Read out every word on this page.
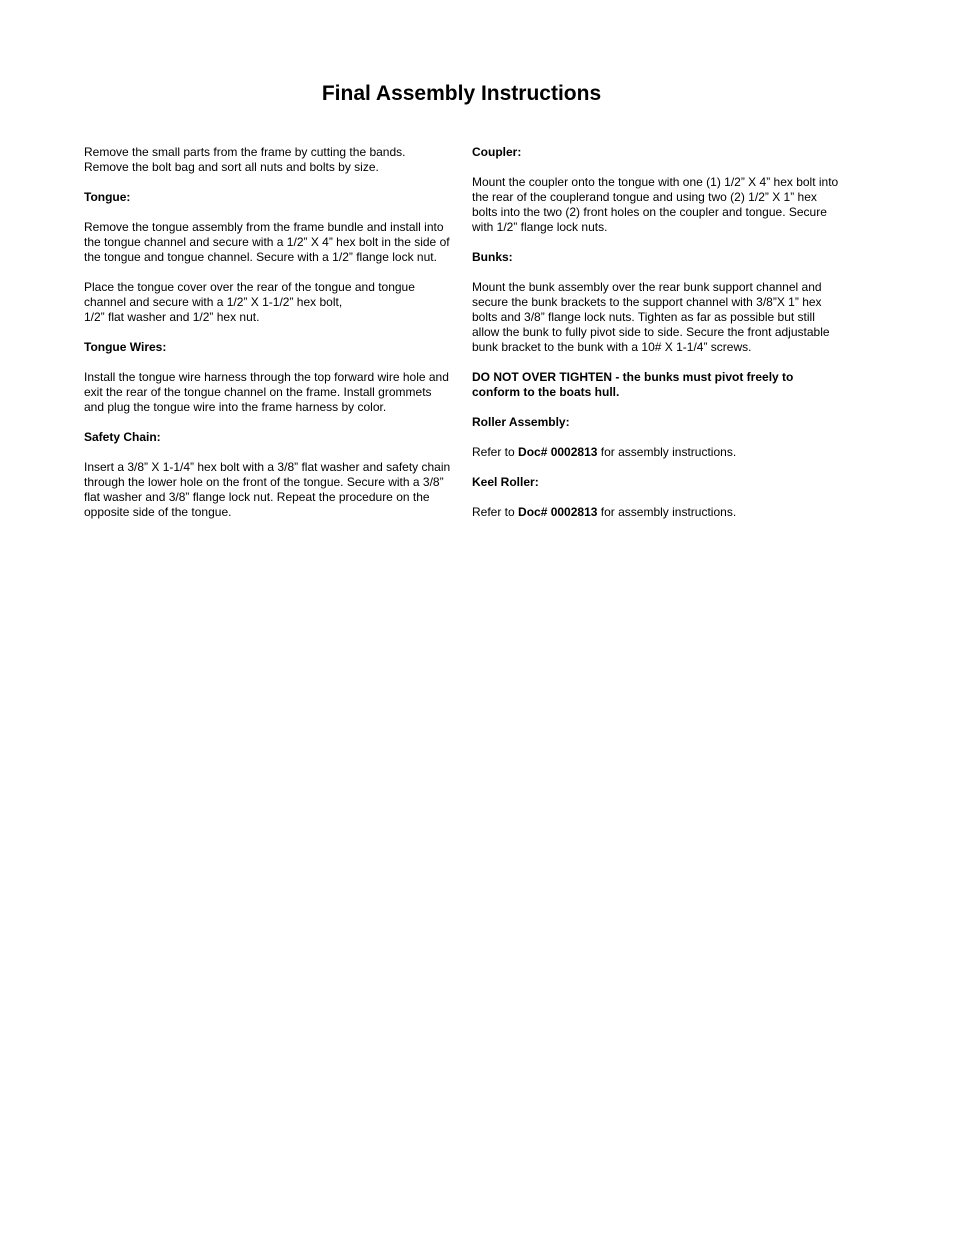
Final Assembly Instructions

Remove the small parts from the frame by cutting the bands.
Remove the bolt bag and sort all nuts and bolts by size.

Tongue:

Remove the tongue assembly from the frame bundle and install into the tongue channel and secure with a 1/2” X 4” hex bolt in the side of the tongue and tongue channel. Secure with a 1/2” flange lock nut.

Place the tongue cover over the rear of the tongue and tongue channel and secure with a 1/2” X 1-1/2” hex bolt,
1/2” flat washer and 1/2” hex nut.

Tongue Wires:

Install the tongue wire harness through the top forward wire hole and exit the rear of the tongue channel on the frame. Install grommets and plug the tongue wire into the frame harness by color.

Safety Chain:

Insert a 3/8” X 1-1/4” hex bolt with a 3/8” flat washer and safety chain through the lower hole on the front of the tongue. Secure with a 3/8” flat washer and 3/8” flange lock nut. Repeat the procedure on the opposite side of the tongue.

Coupler:

Mount the coupler onto the tongue with one (1) 1/2” X 4” hex bolt into the rear of the couplerand tongue and using two (2) 1/2” X 1” hex bolts into the two (2) front holes on the coupler and tongue. Secure with 1/2” flange lock nuts.

Bunks:

Mount the bunk assembly over the rear bunk support channel and secure the bunk brackets to the support channel with 3/8”X 1” hex bolts and 3/8” flange lock nuts. Tighten as far as possible but still allow the bunk to fully pivot side to side. Secure the front adjustable bunk bracket to the bunk with a 10# X 1-1/4” screws.

DO NOT OVER TIGHTEN - the bunks must pivot freely to conform to the boats hull.

Roller Assembly:

Refer to Doc# 0002813 for assembly instructions.

Keel Roller:

Refer to Doc# 0002813 for assembly instructions.
